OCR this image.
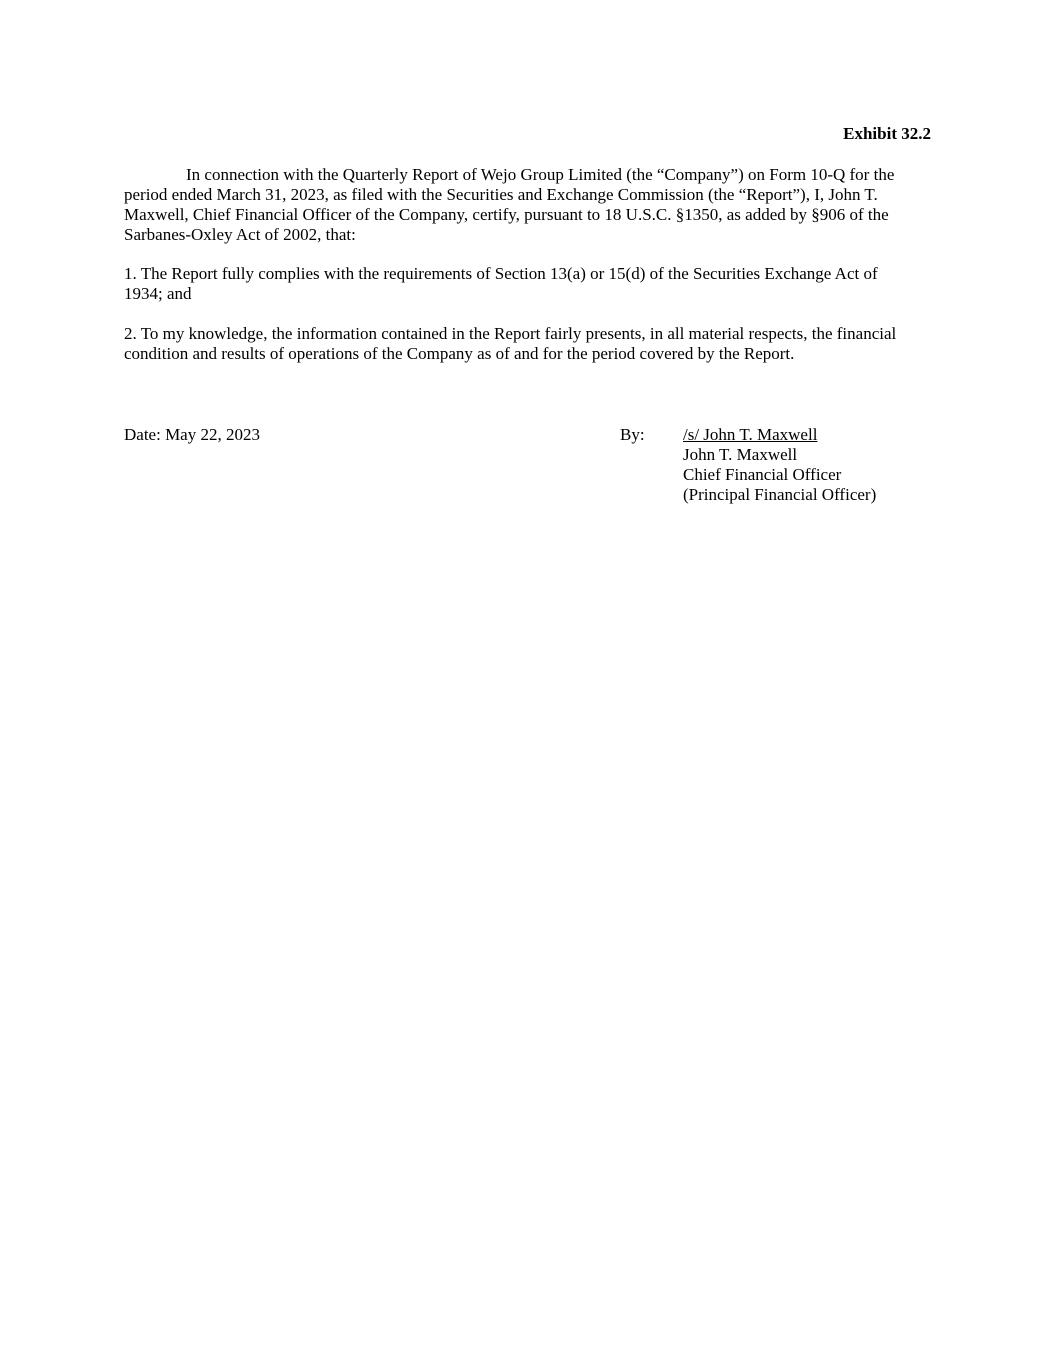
Exhibit 32.2

In connection with the Quarterly Report of Wejo Group Limited (the “Company”) on Form 10-Q for the period ended March 31, 2023, as filed with the Securities and Exchange Commission (the “Report”), I, John T. Maxwell, Chief Financial Officer of the Company, certify, pursuant to 18 U.S.C. §1350, as added by §906 of the Sarbanes-Oxley Act of 2002, that:

1. The Report fully complies with the requirements of Section 13(a) or 15(d) of the Securities Exchange Act of 1934; and

2. To my knowledge, the information contained in the Report fairly presents, in all material respects, the financial condition and results of operations of the Company as of and for the period covered by the Report.

Date: May 22, 2023	By: /s/ John T. Maxwell
John T. Maxwell
Chief Financial Officer
(Principal Financial Officer)
